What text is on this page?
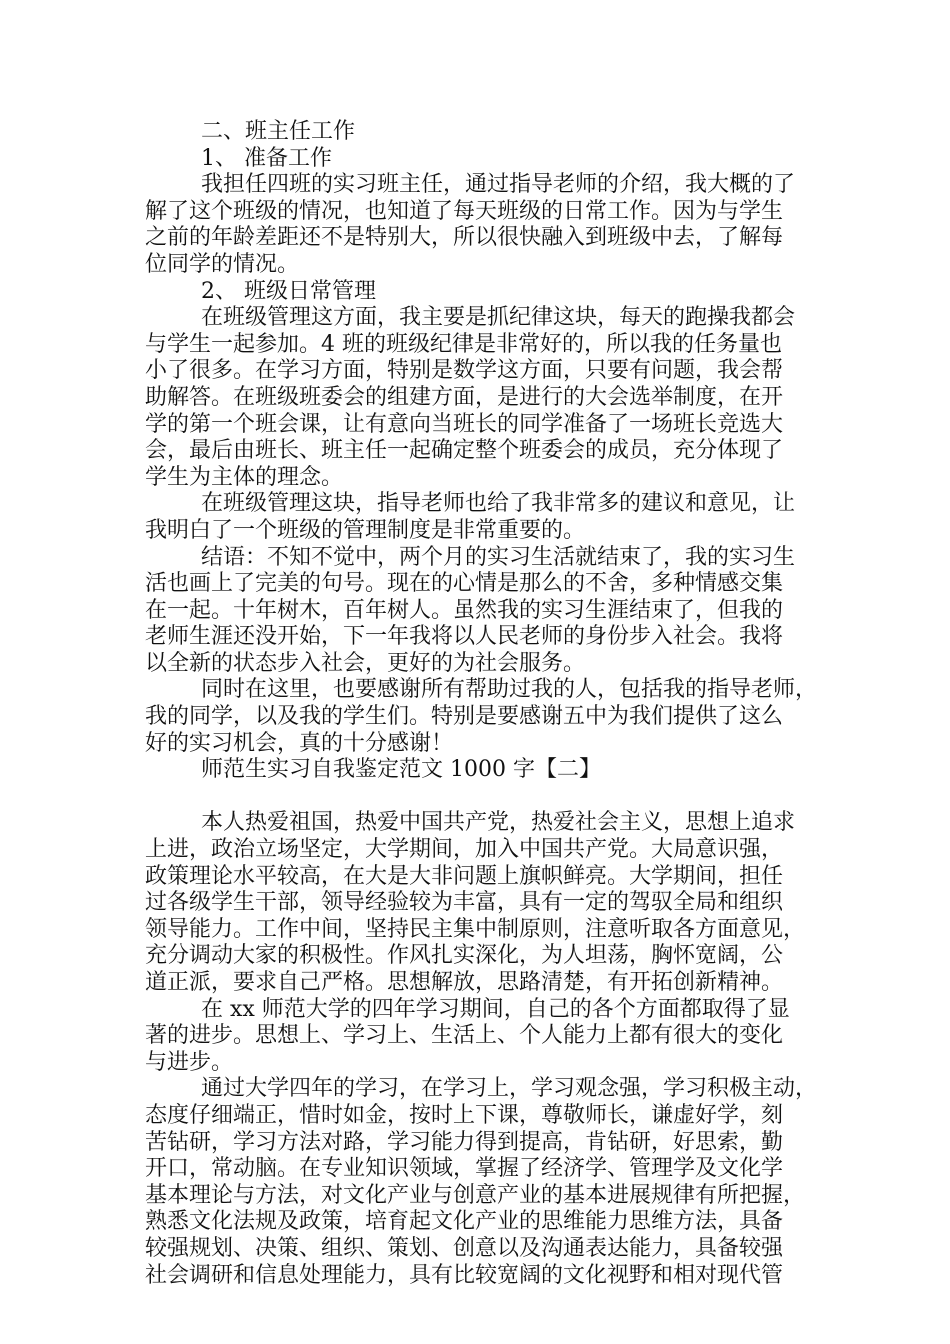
二、班主任工作
1、 准备工作
我担任四班的实习班主任，通过指导老师的介绍，我大概的了
解了这个班级的情况，也知道了每天班级的日常工作。因为与学生
之前的年龄差距还不是特别大，所以很快融入到班级中去，了解每
位同学的情况。
2、 班级日常管理
在班级管理这方面，我主要是抓纪律这块，每天的跑操我都会
与学生一起参加。4 班的班级纪律是非常好的，所以我的任务量也
小了很多。在学习方面，特别是数学这方面，只要有问题，我会帮
助解答。在班级班委会的组建方面，是进行的大会选举制度，在开
学的第一个班会课，让有意向当班长的同学准备了一场班长竞选大
会，最后由班长、班主任一起确定整个班委会的成员，充分体现了
学生为主体的理念。
在班级管理这块，指导老师也给了我非常多的建议和意见，让
我明白了一个班级的管理制度是非常重要的。
结语：不知不觉中，两个月的实习生活就结束了，我的实习生
活也画上了完美的句号。现在的心情是那么的不舍，多种情感交集
在一起。十年树木，百年树人。虽然我的实习生涯结束了，但我的
老师生涯还没开始，下一年我将以人民老师的身份步入社会。我将
以全新的状态步入社会，更好的为社会服务。
同时在这里，也要感谢所有帮助过我的人，包括我的指导老师，
我的同学，以及我的学生们。特别是要感谢五中为我们提供了这么
好的实习机会，真的十分感谢！
师范生实习自我鉴定范文 1000 字【二】
本人热爱祖国，热爱中国共产党，热爱社会主义，思想上追求
上进，政治立场坚定，大学期间，加入中国共产党。大局意识强，
政策理论水平较高，在大是大非问题上旗帜鲜亮。大学期间，担任
过各级学生干部，领导经验较为丰富，具有一定的驾驭全局和组织
领导能力。工作中间，坚持民主集中制原则，注意听取各方面意见，
充分调动大家的积极性。作风扎实深化，为人坦荡，胸怀宽阔，公
道正派，要求自己严格。思想解放，思路清楚，有开拓创新精神。
在 xx 师范大学的四年学习期间，自己的各个方面都取得了显
著的进步。思想上、学习上、生活上、个人能力上都有很大的变化
与进步。
通过大学四年的学习，在学习上，学习观念强，学习积极主动，
态度仔细端正，惜时如金，按时上下课，尊敬师长，谦虚好学，刻
苦钻研，学习方法对路，学习能力得到提高，肯钻研，好思索，勤
开口，常动脑。在专业知识领域，掌握了经济学、管理学及文化学
基本理论与方法，对文化产业与创意产业的基本进展规律有所把握，
熟悉文化法规及政策，培育起文化产业的思维能力思维方法，具备
较强规划、决策、组织、策划、创意以及沟通表达能力，具备较强
社会调研和信息处理能力，具有比较宽阔的文化视野和相对现代管
